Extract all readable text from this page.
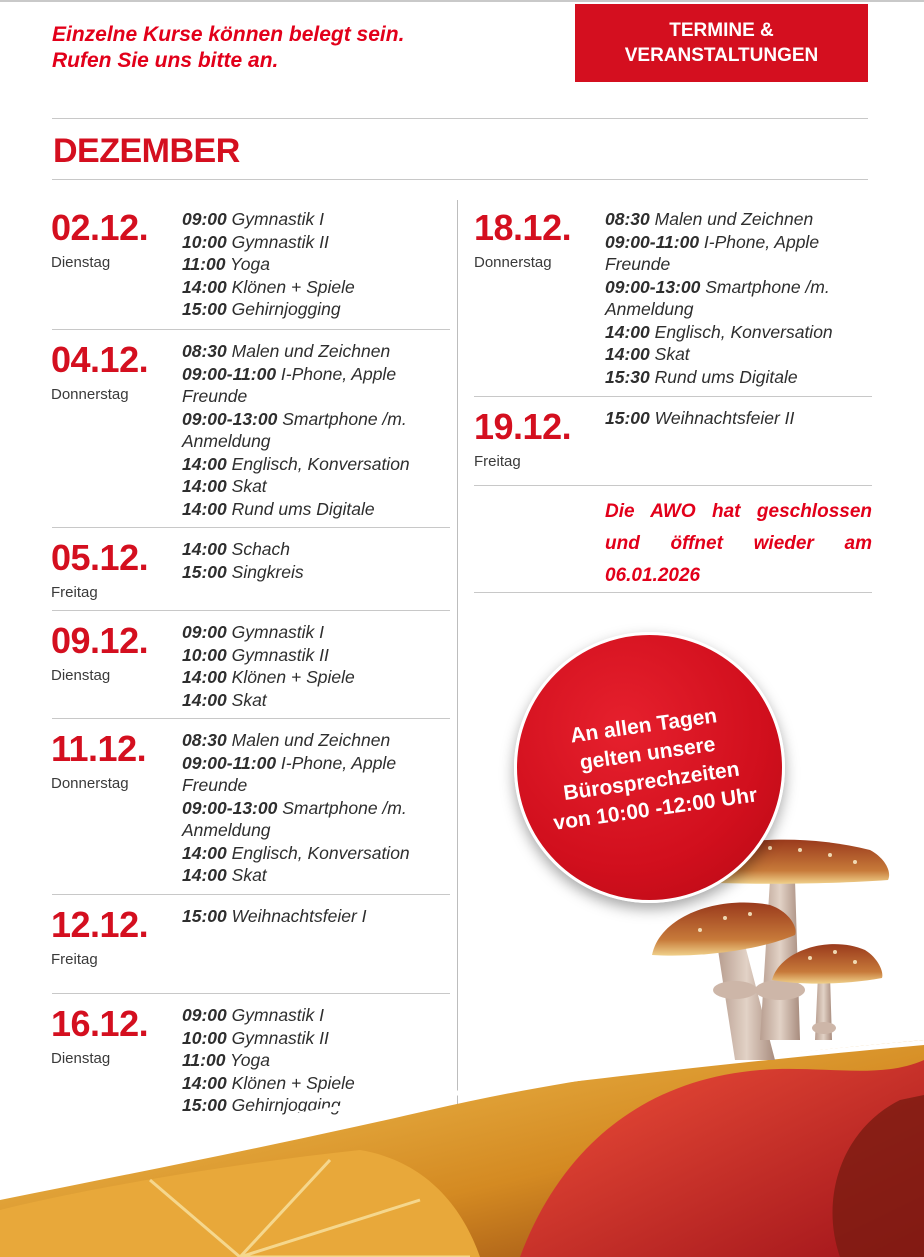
Einzelne Kurse können belegt sein.
Rufen Sie uns bitte an.
TERMINE &
VERANSTALTUNGEN
DEZEMBER
02.12.
Dienstag
09:00 Gymnastik I
10:00 Gymnastik II
11:00 Yoga
14:00 Klönen + Spiele
15:00 Gehirnjogging
04.12.
Donnerstag
08:30 Malen und Zeichnen
09:00-11:00 I-Phone, Apple Freunde
09:00-13:00 Smartphone /m. Anmeldung
14:00 Englisch, Konversation
14:00 Skat
14:00 Rund ums Digitale
05.12.
Freitag
14:00 Schach
15:00 Singkreis
09.12.
Dienstag
09:00 Gymnastik I
10:00 Gymnastik II
14:00 Klönen + Spiele
14:00 Skat
11.12.
Donnerstag
08:30 Malen und Zeichnen
09:00-11:00 I-Phone, Apple Freunde
09:00-13:00 Smartphone /m. Anmeldung
14:00 Englisch, Konversation
14:00 Skat
12.12.
Freitag
15:00 Weihnachtsfeier I
16.12.
Dienstag
09:00 Gymnastik I
10:00 Gymnastik II
11:00 Yoga
14:00 Klönen + Spiele
15:00 Gehirnjogging
18.12.
Donnerstag
08:30 Malen und Zeichnen
09:00-11:00 I-Phone, Apple Freunde
09:00-13:00 Smartphone /m. Anmeldung
14:00 Englisch, Konversation
14:00 Skat
15:30 Rund ums Digitale
19.12.
Freitag
15:00 Weihnachtsfeier II
Die AWO hat geschlossen und öffnet wieder am 06.01.2026
An allen Tagen gelten unsere Bürosprechzeiten von 10:00 -12:00 Uhr
